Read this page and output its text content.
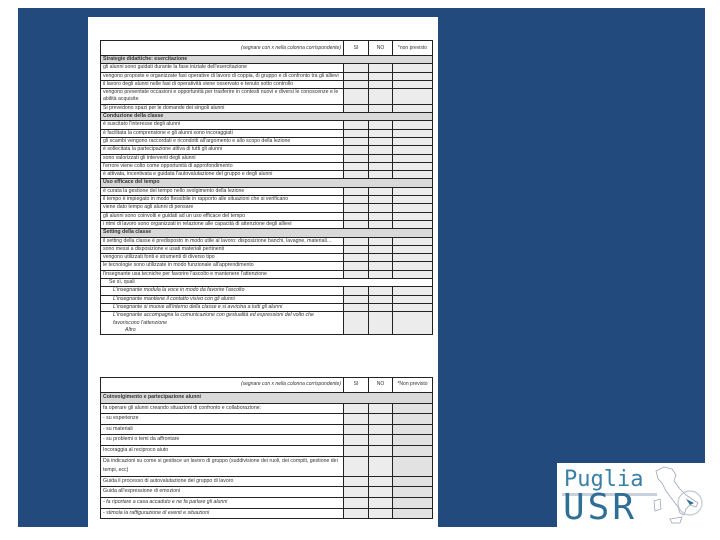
(segnare con x nella colonna corrispondente)	SI	NO	*non previsto
Strategie didattiche: esercitazione			
gli alunni sono guidati durante la fase iniziale dell'esercitazione			
vengono proposte e organizzate fasi operative di lavoro di coppia, di gruppo e di confronto tra gli allievi			
il lavoro degli alunni nelle fasi di operatività viene osservato e tenuto sotto controllo			
vengono presentate occasioni e opportunità per trasferire in contesti nuovi e diversi le conoscenze e le abilità acquisite			
Si prevedono spazi per le domande dei singoli alunni			
Conduzione della classe			
è suscitato l'interesse degli alunni			
è facilitata la comprensione e gli alunni sono incoraggiati			
gli scambi vengono raccordati e ricondotti all'argomento e allo scopo della lezione			
è sollecitata la partecipazione attiva di tutti gli alunni			
sono valorizzati gli interventi degli alunni			
l'errore viene colto come opportunità di approfondimento			
è attivata, incentivata e guidata l'autovalutazione del gruppo e degli alunni			
Uso efficace del tempo			
è curata la gestione del tempo nello svolgimento della lezione			
il tempo è impiegato in modo flessibile in rapporto alle situazioni che si verificano			
viene dato tempo agli alunni di pensare			
gli alunni sono coinvolti e guidati ad un uso efficace del tempo			
i ritmi di lavoro sono organizzati in relazione alle capacità di attenzione degli allievi			
Setting della classe			
il setting della classe è predisposto in modo utile al lavoro: disposizione banchi, lavagne, materiali…			
sono messi a disposizione e usati materiali pertinenti			
vengono utilizzati fonti e strumenti di diverso tipo			
le tecnologie sono utilizzate in modo funzionale all'apprendimento			
l'insegnante usa tecniche per favorire l'ascolto e mantenere l'attenzione			
Se sì, quali			
L'insegnante modula la voce in modo da favorire l'ascolto			
L'insegnante mantiene il contatto visivo con gli alunni			
L'insegnante si muove all'interno della classe e si avvicina a tutti gli alunni			
L'insegnante accompagna la comunicazione con gestualità ed espressioni del volto che favoriscono l'attenzione
Altro			

(segnare con x nella colonna corrispondente)	SI	NO	*Non previsto
Coinvolgimento e partecipazione alunni			
fa operare gli alunni creando situazioni di confronto e collaborazione:			
- su esperienze			
- su materiali			
- su problemi o temi da affrontare			
Incoraggia al reciproco aiuto			
Dà indicazioni su come si gestisce un lavoro di gruppo (suddivisione dei ruoli, dei compiti, gestione dei tempi, ecc)			
Guida il processo di autovalutazione del gruppo di lavoro			
Guida all'espressione di emozioni			
- fa riportare a casa accaduto e ne fa parlare gli alunni			
- stimola la raffigurazione di eventi e situazioni			
Puglia
USR
